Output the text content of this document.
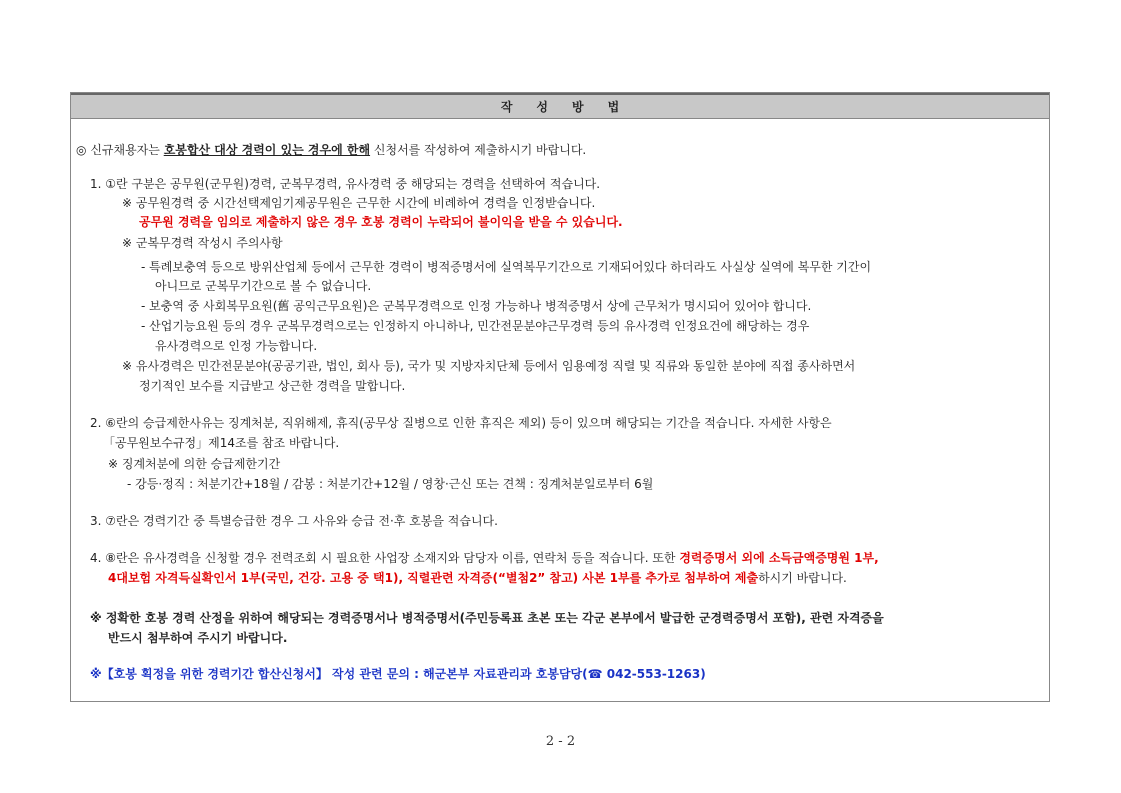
작성방법
◎ 신규채용자는 호봉합산 대상 경력이 있는 경우에 한해 신청서를 작성하여 제출하시기 바랍니다.
1. ①란 구분은 공무원(군무원)경력, 군복무경력, 유사경력 중 해당되는 경력을 선택하여 적습니다.
※ 공무원경력 중 시간선택제임기제공무원은 근무한 시간에 비례하여 경력을 인정받습니다.
공무원 경력을 임의로 제출하지 않은 경우 호봉 경력이 누락되어 불이익을 받을 수 있습니다.
※ 군복무경력 작성시 주의사항
- 특례보충역 등으로 방위산업체 등에서 근무한 경력이 병적증명서에 실역복무기간으로 기재되어있다 하더라도 사실상 실역에 복무한 기간이
아니므로 군복무기간으로 볼 수 없습니다.
- 보충역 중 사회복무요원(舊 공익근무요원)은 군복무경력으로 인정 가능하나 병적증명서 상에 근무처가 명시되어 있어야 합니다.
- 산업기능요원 등의 경우 군복무경력으로는 인정하지 아니하나, 민간전문분야근무경력 등의 유사경력 인정요건에 해당하는 경우
유사경력으로 인정 가능합니다.
※ 유사경력은 민간전문분야(공공기관, 법인, 회사 등), 국가 및 지방자치단체 등에서 임용예정 직렬 및 직류와 동일한 분야에 직접 종사하면서
정기적인 보수를 지급받고 상근한 경력을 말합니다.
2. ⑥란의 승급제한사유는 징계처분, 직위해제, 휴직(공무상 질병으로 인한 휴직은 제외) 등이 있으며 해당되는 기간을 적습니다. 자세한 사항은
「공무원보수규정」제14조를 참조 바랍니다.
※ 징계처분에 의한 승급제한기간
- 강등·정직 : 처분기간+18월 / 감봉 : 처분기간+12월 / 영창·근신 또는 견책 : 징계처분일로부터 6월
3. ⑦란은 경력기간 중 특별승급한 경우 그 사유와 승급 전·후 호봉을 적습니다.
4. ⑧란은 유사경력을 신청할 경우 전력조회 시 필요한 사업장 소재지와 담당자 이름, 연락처 등을 적습니다. 또한 경력증명서 외에 소득금액증명원 1부,
4대보험 자격득실확인서 1부(국민, 건강. 고용 중 택1), 직렬관련 자격증(“별첨2” 참고) 사본 1부를 추가로 첨부하여 제출하시기 바랍니다.
※ 정확한 호봉 경력 산정을 위하여 해당되는 경력증명서나 병적증명서(주민등록표 초본 또는 각군 본부에서 발급한 군경력증명서 포함), 관련 자격증을
반드시 첨부하여 주시기 바랍니다.
※【호봉 획정을 위한 경력기간 합산신청서】 작성 관련 문의 : 해군본부 자료관리과 호봉담당(☎ 042-553-1263)
2 - 2
